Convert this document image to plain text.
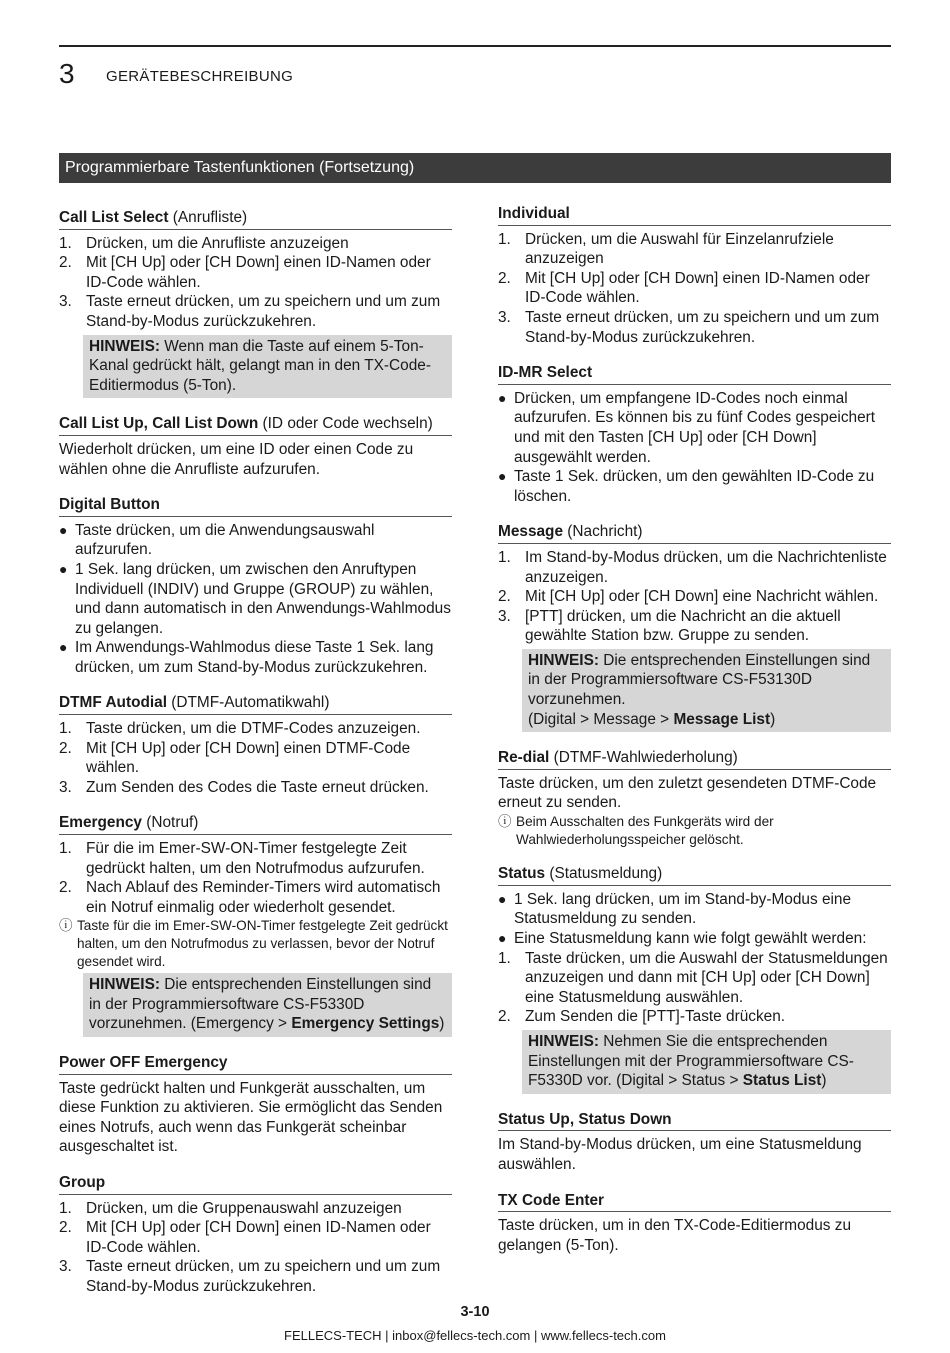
3 GERÄTEBESCHREIBUNG
Programmierbare Tastenfunktionen (Fortsetzung)
Call List Select (Anrufliste)
1. Drücken, um die Anrufliste anzuzeigen
2. Mit [CH Up] oder [CH Down] einen ID-Namen oder ID-Code wählen.
3. Taste erneut drücken, um zu speichern und um zum Stand-by-Modus zurückzukehren.
HINWEIS: Wenn man die Taste auf einem 5-Ton-Kanal gedrückt hält, gelangt man in den TX-Code-Editiermodus (5-Ton).
Call List Up, Call List Down (ID oder Code wechseln)

Wiederholt drücken, um eine ID oder einen Code zu wählen ohne die Anrufliste aufzurufen.

Digital Button
● Taste drücken, um die Anwendungsauswahl aufzurufen.
● 1 Sek. lang drücken, um zwischen den Anruftypen Individuell (INDIV) und Gruppe (GROUP) zu wählen, und dann automatisch in den Anwendungs-Wahlmodus zu gelangen.
● Im Anwendungs-Wahlmodus diese Taste 1 Sek. lang drücken, um zum Stand-by-Modus zurückzukehren.
DTMF Autodial (DTMF-Automatikwahl)
1. Taste drücken, um die DTMF-Codes anzuzeigen.
2. Mit [CH Up] oder [CH Down] einen DTMF-Code wählen.
3. Zum Senden des Codes die Taste erneut drücken.
Emergency (Notruf)
1. Für die im Emer-SW-ON-Timer festgelegte Zeit gedrückt halten, um den Notrufmodus aufzurufen.
2. Nach Ablauf des Reminder-Timers wird automatisch ein Notruf einmalig oder wiederholt gesendet.
ⓘ Taste für die im Emer-SW-ON-Timer festgelegte Zeit gedrückt halten, um den Notrufmodus zu verlassen, bevor der Notruf gesendet wird.
HINWEIS: Die entsprechenden Einstellungen sind in der Programmiersoftware CS-F5330D vorzunehmen. (Emergency > Emergency Settings)
Power OFF Emergency

Taste gedrückt halten und Funkgerät ausschalten, um diese Funktion zu aktivieren. Sie ermöglicht das Senden eines Notrufs, auch wenn das Funkgerät scheinbar ausgeschaltet ist.

Group
1. Drücken, um die Gruppenauswahl anzuzeigen
2. Mit [CH Up] oder [CH Down] einen ID-Namen oder ID-Code wählen.
3. Taste erneut drücken, um zu speichern und um zum Stand-by-Modus zurückzukehren.
Individual
1. Drücken, um die Auswahl für Einzelanrufziele anzuzeigen
2. Mit [CH Up] oder [CH Down] einen ID-Namen oder ID-Code wählen.
3. Taste erneut drücken, um zu speichern und um zum Stand-by-Modus zurückzukehren.
ID-MR Select
● Drücken, um empfangene ID-Codes noch einmal aufzurufen. Es können bis zu fünf Codes gespeichert und mit den Tasten [CH Up] oder [CH Down] ausgewählt werden.
● Taste 1 Sek. drücken, um den gewählten ID-Code zu löschen.
Message (Nachricht)
1. Im Stand-by-Modus drücken, um die Nachrichtenliste anzuzeigen.
2. Mit [CH Up] oder [CH Down] eine Nachricht wählen.
3. [PTT] drücken, um die Nachricht an die aktuell gewählte Station bzw. Gruppe zu senden.
HINWEIS: Die entsprechenden Einstellungen sind in der Programmiersoftware CS-F53130D vorzunehmen.
(Digital > Message > Message List)
Re-dial (DTMF-Wahlwiederholung)

Taste drücken, um den zuletzt gesendeten DTMF-Code erneut zu senden.

ⓘ Beim Ausschalten des Funkgeräts wird der Wahlwiederholungsspeicher gelöscht.
Status (Statusmeldung)
● 1 Sek. lang drücken, um im Stand-by-Modus eine Statusmeldung zu senden.
● Eine Statusmeldung kann wie folgt gewählt werden:
1. Taste drücken, um die Auswahl der Statusmeldungen anzuzeigen und dann mit [CH Up] oder [CH Down] eine Statusmeldung auswählen.
2. Zum Senden die [PTT]-Taste drücken.
HINWEIS: Nehmen Sie die entsprechenden Einstellungen mit der Programmiersoftware CS-F5330D vor. (Digital > Status > Status List)
Status Up, Status Down

Im Stand-by-Modus drücken, um eine Statusmeldung auswählen.

TX Code Enter

Taste drücken, um in den TX-Code-Editiermodus zu gelangen (5-Ton).

3-10
FELLECS-TECH | inbox@fellecs-tech.com | www.fellecs-tech.com
